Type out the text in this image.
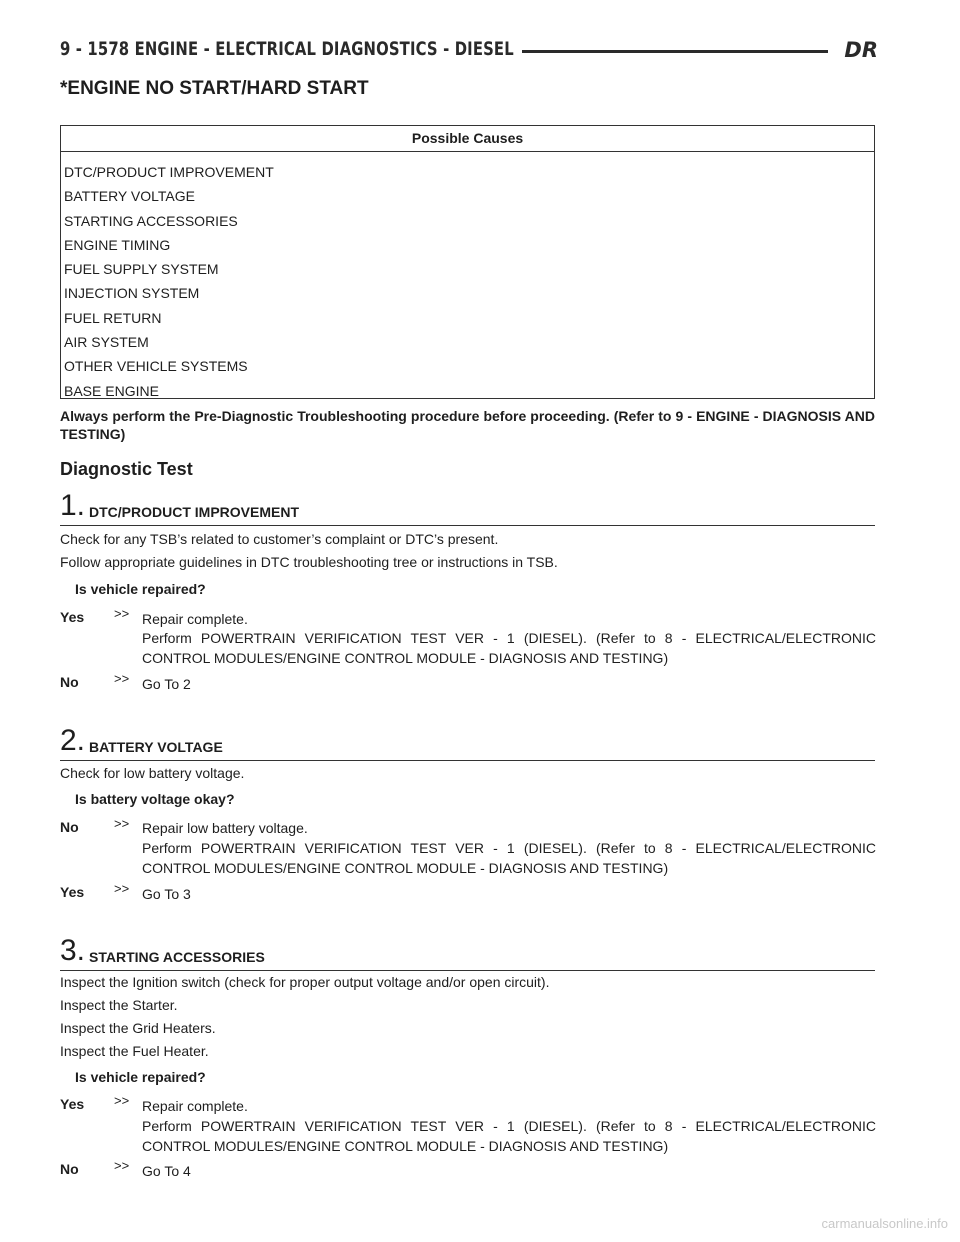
9 - 1578 ENGINE - ELECTRICAL DIAGNOSTICS - DIESEL	DR
*ENGINE NO START/HARD START
Possible Causes
DTC/PRODUCT IMPROVEMENT
BATTERY VOLTAGE
STARTING ACCESSORIES
ENGINE TIMING
FUEL SUPPLY SYSTEM
INJECTION SYSTEM
FUEL RETURN
AIR SYSTEM
OTHER VEHICLE SYSTEMS
BASE ENGINE
Always perform the Pre-Diagnostic Troubleshooting procedure before proceeding. (Refer to 9 - ENGINE - DIAGNOSIS AND TESTING)
Diagnostic Test
1. DTC/PRODUCT IMPROVEMENT
Check for any TSB’s related to customer’s complaint or DTC’s present.
Follow appropriate guidelines in DTC troubleshooting tree or instructions in TSB.
Is vehicle repaired?
Yes >> Repair complete.
Perform POWERTRAIN VERIFICATION TEST VER - 1 (DIESEL). (Refer to 8 - ELECTRICAL/ELECTRONIC CONTROL MODULES/ENGINE CONTROL MODULE - DIAGNOSIS AND TESTING)
No	>> Go To 2
2. BATTERY VOLTAGE
Check for low battery voltage.
Is battery voltage okay?
No	>> Repair low battery voltage.
Perform POWERTRAIN VERIFICATION TEST VER - 1 (DIESEL). (Refer to 8 - ELECTRICAL/ELECTRONIC CONTROL MODULES/ENGINE CONTROL MODULE - DIAGNOSIS AND TESTING)
Yes >> Go To 3
3. STARTING ACCESSORIES
Inspect the Ignition switch (check for proper output voltage and/or open circuit).
Inspect the Starter.
Inspect the Grid Heaters.
Inspect the Fuel Heater.
Is vehicle repaired?
Yes >> Repair complete.
Perform POWERTRAIN VERIFICATION TEST VER - 1 (DIESEL). (Refer to 8 - ELECTRICAL/ELECTRONIC CONTROL MODULES/ENGINE CONTROL MODULE - DIAGNOSIS AND TESTING)
No	>> Go To 4
carmanualsonline.info
